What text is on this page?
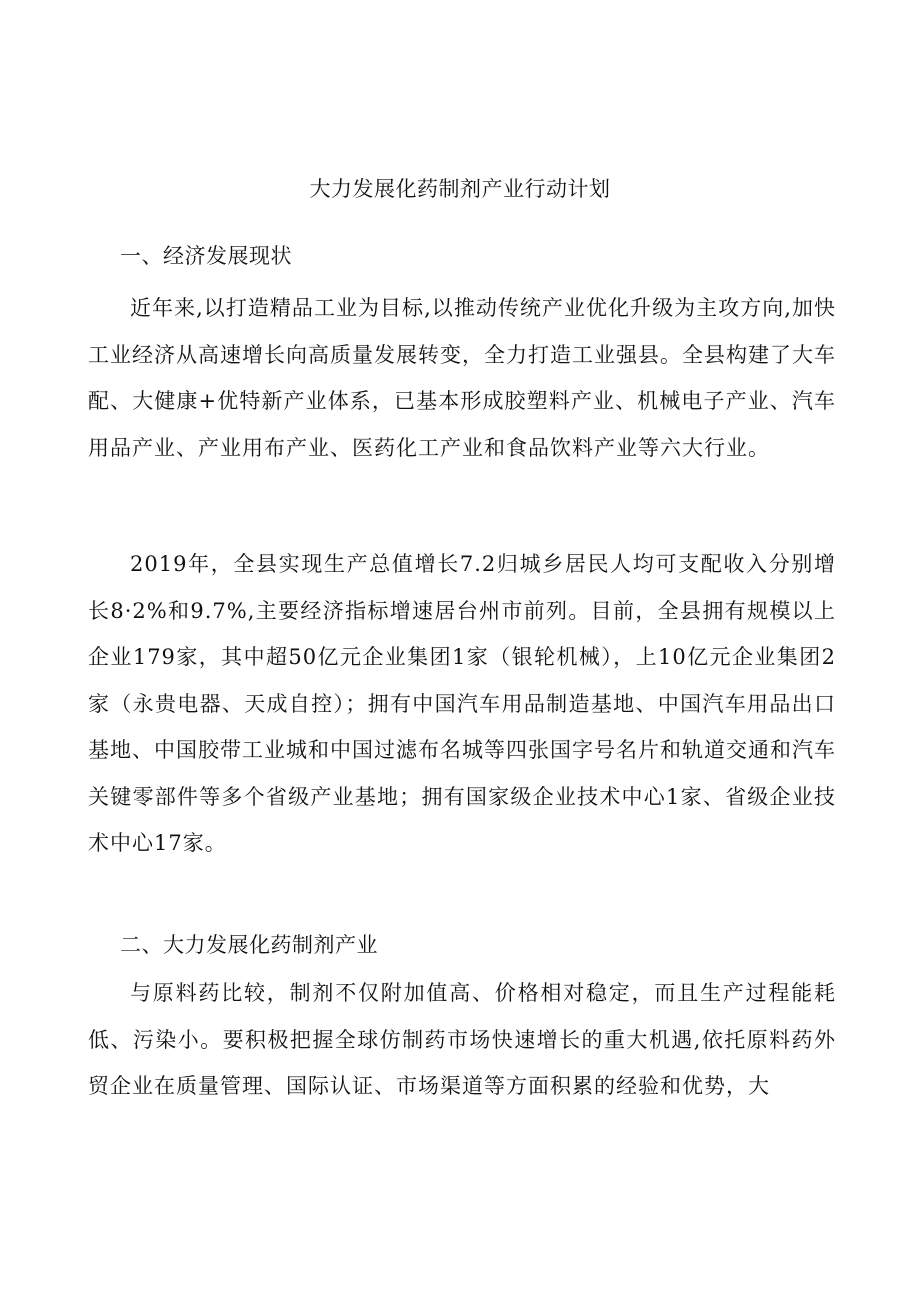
大力发展化药制剂产业行动计划
一、经济发展现状
近年来,以打造精品工业为目标,以推动传统产业优化升级为主攻方向,加快工业经济从高速增长向高质量发展转变，全力打造工业强县。全县构建了大车配、大健康+优特新产业体系，已基本形成胶塑料产业、机械电子产业、汽车用品产业、产业用布产业、医药化工产业和食品饮料产业等六大行业。
2019年，全县实现生产总值增长7.2归城乡居民人均可支配收入分别增长8·2%和9.7%,主要经济指标增速居台州市前列。目前，全县拥有规模以上企业179家，其中超50亿元企业集团1家（银轮机械），上10亿元企业集团2家（永贵电器、天成自控）；拥有中国汽车用品制造基地、中国汽车用品出口基地、中国胶带工业城和中国过滤布名城等四张国字号名片和轨道交通和汽车关键零部件等多个省级产业基地；拥有国家级企业技术中心1家、省级企业技术中心17家。
二、大力发展化药制剂产业
与原料药比较，制剂不仅附加值高、价格相对稳定，而且生产过程能耗低、污染小。要积极把握全球仿制药市场快速增长的重大机遇,依托原料药外贸企业在质量管理、国际认证、市场渠道等方面积累的经验和优势，大
